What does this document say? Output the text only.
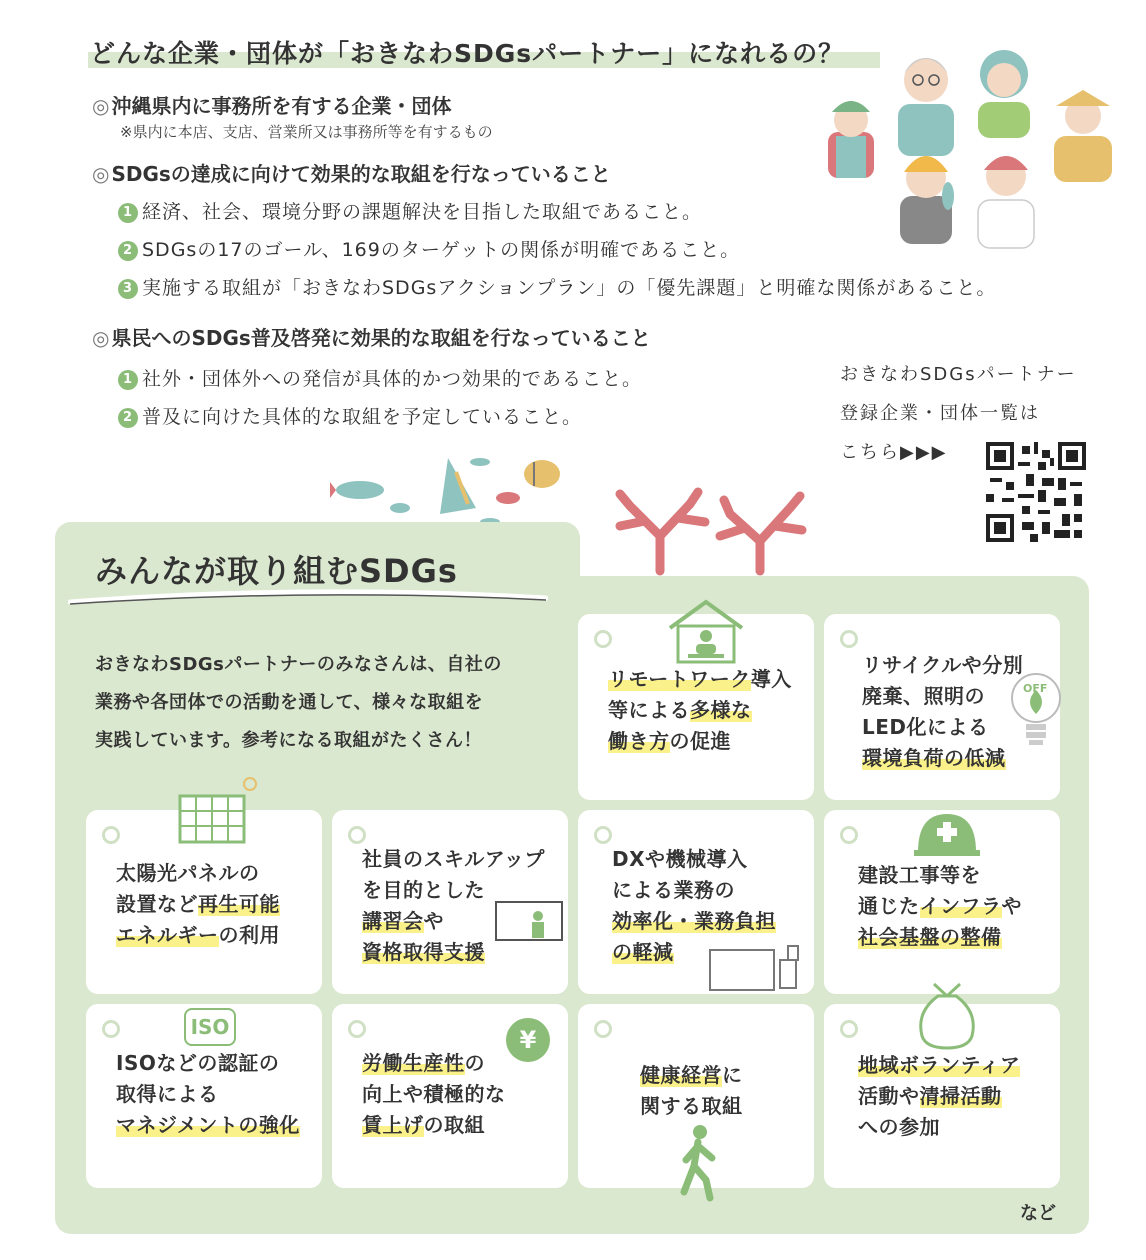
どんな企業・団体が「おきなわSDGsパートナー」になれるの？
◎ 沖縄県内に事務所を有する企業・団体
※県内に本店、支店、営業所又は事務所等を有するもの
◎ SDGsの達成に向けて効果的な取組を行なっていること
1 経済、社会、環境分野の課題解決を目指した取組であること。
2 SDGsの17のゴール、169のターゲットの関係が明確であること。
3 実施する取組が「おきなわSDGsアクションプラン」の「優先課題」と明確な関係があること。
◎ 県民へのSDGs普及啓発に効果的な取組を行なっていること
1 社外・団体外への発信が具体的かつ効果的であること。
2 普及に向けた具体的な取組を予定していること。
おきなわSDGsパートナー
登録企業・団体一覧は
こちら▶▶▶
みんなが取り組むSDGs
おきなわSDGsパートナーのみなさんは、自社の
業務や各団体での活動を通して、様々な取組を
実践しています。参考になる取組がたくさん！
リモートワーク導入
等による多様な
働き方の促進
リサイクルや分別
廃棄、照明の
LED化による
環境負荷の低減
OFF
太陽光パネルの
設置など再生可能
エネルギーの利用
社員のスキルアップ
を目的とした
講習会や
資格取得支援
DXや機械導入
による業務の
効率化・業務負担
の軽減
建設工事等を
通じたインフラや
社会基盤の整備
ISO
ISOなどの認証の
取得による
マネジメントの強化
¥
労働生産性の
向上や積極的な
賃上げの取組
健康経営に
関する取組
地域ボランティア
活動や清掃活動
への参加
など
